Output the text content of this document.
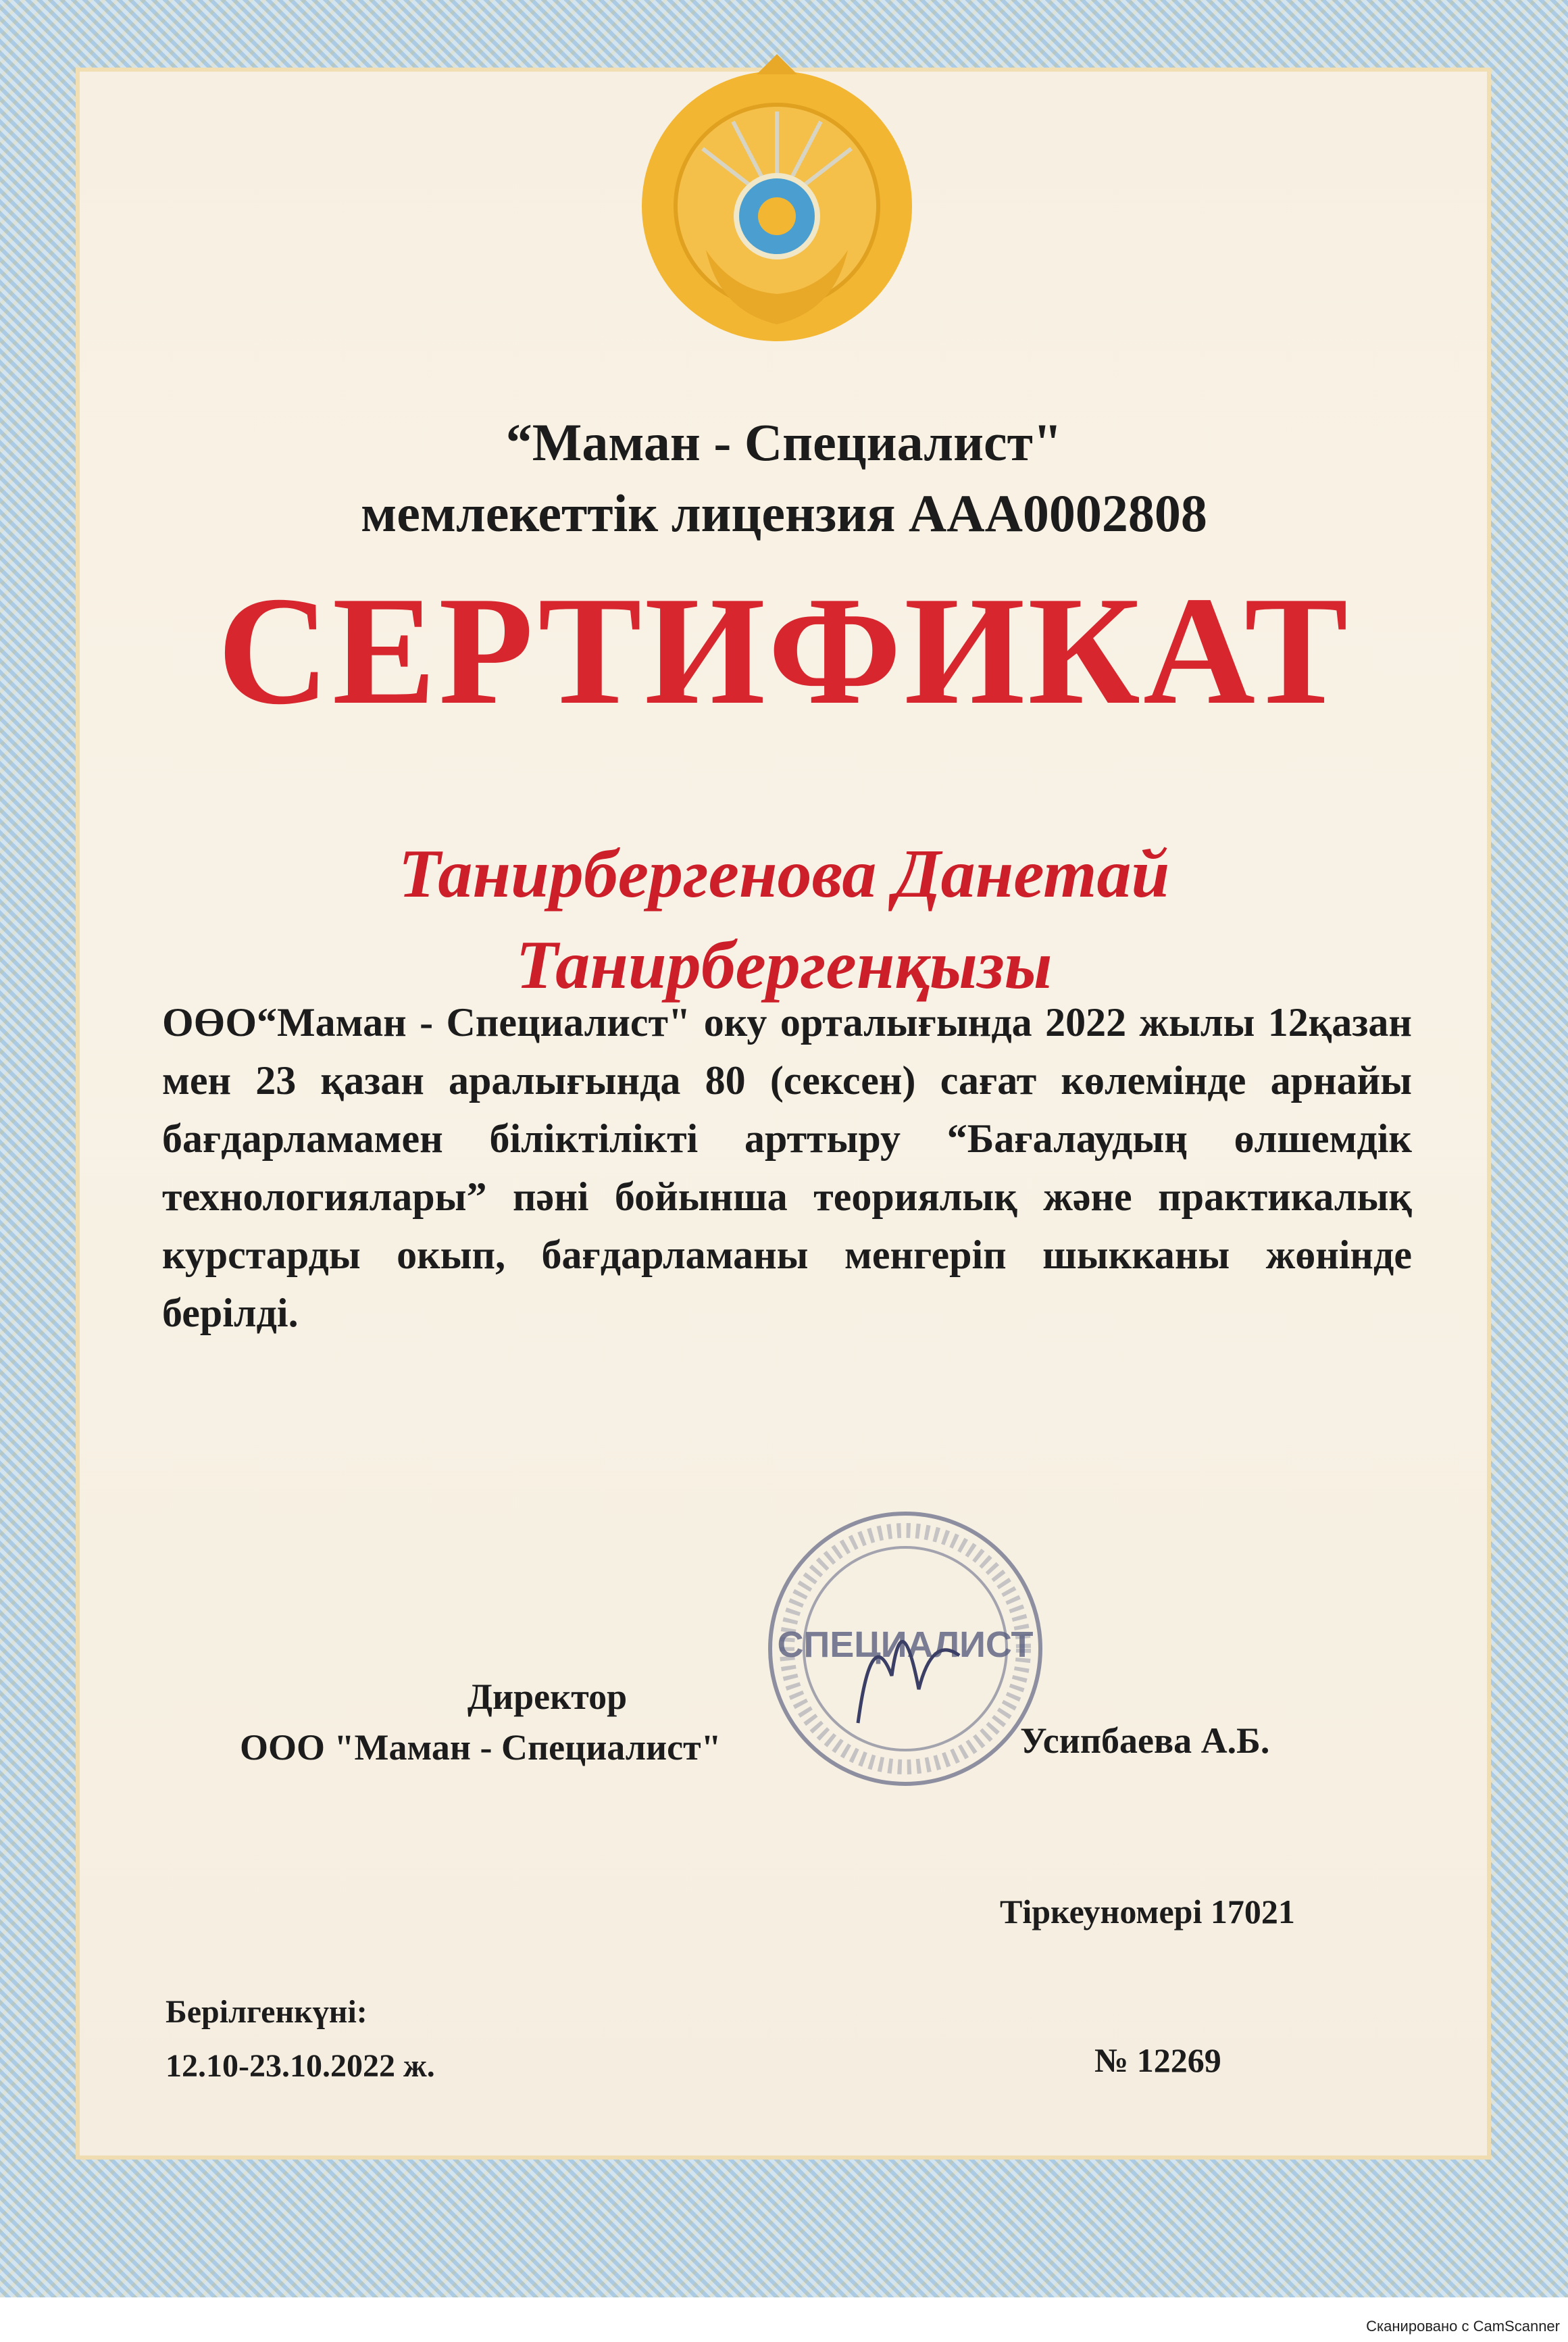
“Маман - Специалист"

мемлекеттік лицензия ААА0002808

СЕРТИФИКАТ

Танирбергенова Данетай

Танирбергенқызы

ОӨО“Маман - Специалист" оку орталығында 2022 жылы 12қазан мен 23 қазан аралығында 80 (сексен) сағат көлемінде арнайы бағдарламамен біліктілікті арттыру “Бағалаудың өлшемдік технологиялары” пәні бойынша теориялық және практикалық курстарды окып, бағдарламаны менгеріп шыкканы жөнінде берілді.

СПЕЦИАЛИСТ

Директор

ООО "Маман - Специалист"	Усипбаева А.Б.

Тіркеуномері 17021

Берілгенкүні:

12.10-23.10.2022 ж.	№ 12269

Сканировано с CamScanner
